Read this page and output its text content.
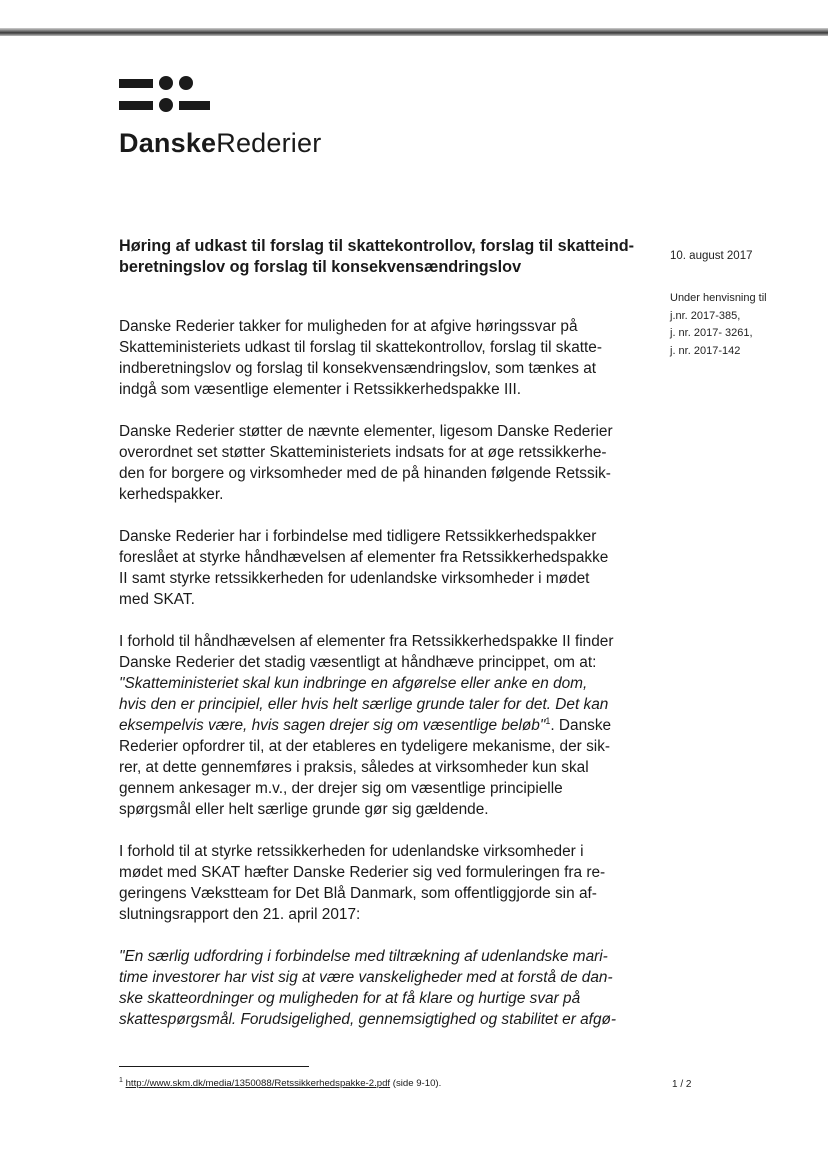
DanskeRederier
Høring af udkast til forslag til skattekontrollov, forslag til skatteind-
beretningslov og forslag til konsekvensændringslov
10. august 2017
Under henvisning til
j.nr. 2017-385,
j. nr. 2017- 3261,
j. nr. 2017-142

Danske Rederier takker for muligheden for at afgive høringssvar på
Skatteministeriets udkast til forslag til skattekontrollov, forslag til skatte-
indberetningslov og forslag til konsekvensændringslov, som tænkes at
indgå som væsentlige elementer i Retssikkerhedspakke III.

Danske Rederier støtter de nævnte elementer, ligesom Danske Rederier
overordnet set støtter Skatteministeriets indsats for at øge retssikkerhe-
den for borgere og virksomheder med de på hinanden følgende Retssik-
kerhedspakker.

Danske Rederier har i forbindelse med tidligere Retssikkerhedspakker
foreslået at styrke håndhævelsen af elementer fra Retssikkerhedspakke
II samt styrke retssikkerheden for udenlandske virksomheder i mødet
med SKAT.

I forhold til håndhævelsen af elementer fra Retssikkerhedspakke II finder
Danske Rederier det stadig væsentligt at håndhæve princippet, om at:
"Skatteministeriet skal kun indbringe en afgørelse eller anke en dom,
hvis den er principiel, eller hvis helt særlige grunde taler for det. Det kan
eksempelvis være, hvis sagen drejer sig om væsentlige beløb"$^1$. Danske
Rederier opfordrer til, at der etableres en tydeligere mekanisme, der sik-
rer, at dette gennemføres i praksis, således at virksomheder kun skal
gennem ankesager m.v., der drejer sig om væsentlige principielle
spørgsmål eller helt særlige grunde gør sig gældende.

I forhold til at styrke retssikkerheden for udenlandske virksomheder i
mødet med SKAT hæfter Danske Rederier sig ved formuleringen fra re-
geringens Vækstteam for Det Blå Danmark, som offentliggjorde sin af-
slutningsrapport den 21. april 2017:

"En særlig udfordring i forbindelse med tiltrækning af udenlandske mari-
time investorer har vist sig at være vanskeligheder med at forstå de dan-
ske skatteordninger og muligheden for at få klare og hurtige svar på
skattespørgsmål. Forudsigelighed, gennemsigtighed og stabilitet er afgø-

$^1$ http://www.skm.dk/media/1350088/Retssikkerhedspakke-2.pdf (side 9-10).	1 / 2
